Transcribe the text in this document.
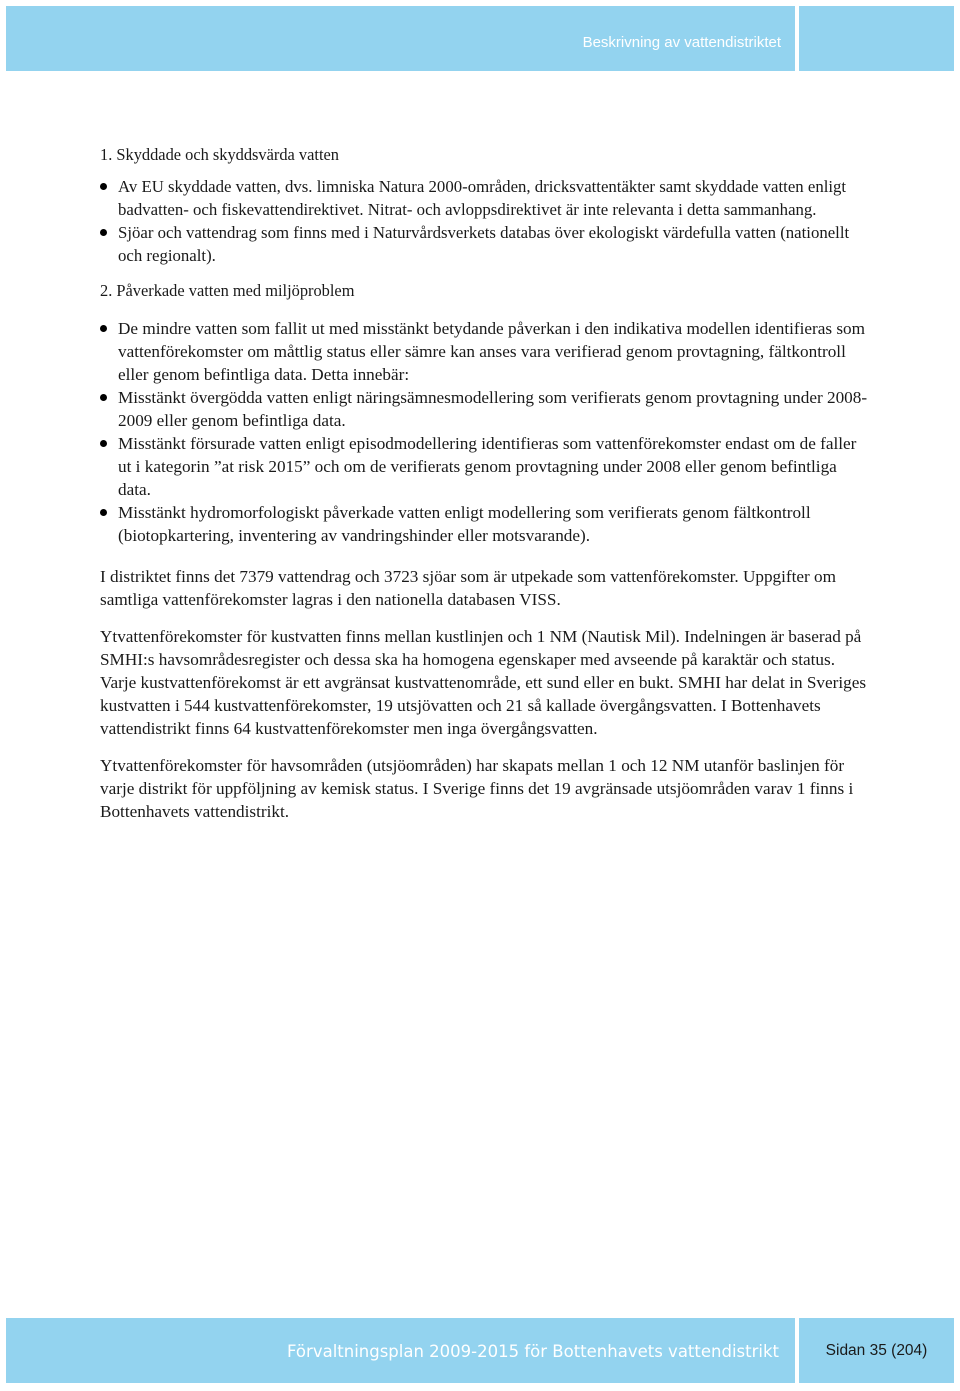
Beskrivning av vattendistriktet

1. Skyddade och skyddsvärda vatten

Av EU skyddade vatten, dvs. limniska Natura 2000-områden, dricksvattentäkter samt skyddade vatten enligt badvatten- och fiskevattendirektivet. Nitrat- och avloppsdirektivet är inte relevanta i detta sammanhang.
Sjöar och vattendrag som finns med i Naturvårdsverkets databas över ekologiskt värdefulla vatten (nationellt och regionalt).

2. Påverkade vatten med miljöproblem

De mindre vatten som fallit ut med misstänkt betydande påverkan i den indikativa modellen identifieras som vattenförekomster om måttlig status eller sämre kan anses vara verifierad genom provtagning, fältkontroll eller genom befintliga data. Detta innebär:
Misstänkt övergödda vatten enligt näringsämnesmodellering som verifierats genom provtagning under 2008-2009 eller genom befintliga data.
Misstänkt försurade vatten enligt episodmodellering identifieras som vattenförekomster endast om de faller ut i kategorin ”at risk 2015” och om de verifierats genom provtagning under 2008 eller genom befintliga data.
Misstänkt hydromorfologiskt påverkade vatten enligt modellering som verifierats genom fältkontroll (biotopkartering, inventering av vandringshinder eller motsvarande).

I distriktet finns det 7379 vattendrag och 3723 sjöar som är utpekade som vattenförekomster. Uppgifter om samtliga vattenförekomster lagras i den nationella databasen VISS.

Ytvattenförekomster för kustvatten finns mellan kustlinjen och 1 NM (Nautisk Mil). Indelningen är baserad på SMHI:s havsområdesregister och dessa ska ha homogena egenskaper med avseende på karaktär och status. Varje kustvattenförekomst är ett avgränsat kustvattenområde, ett sund eller en bukt. SMHI har delat in Sveriges kustvatten i 544 kustvattenförekomster, 19 utsjövatten och 21 så kallade övergångsvatten. I Bottenhavets vattendistrikt finns 64 kustvattenförekomster men inga övergångsvatten.

Ytvattenförekomster för havsområden (utsjöområden) har skapats mellan 1 och 12 NM utanför baslinjen för varje distrikt för uppföljning av kemisk status. I Sverige finns det 19 avgränsade utsjöområden varav 1 finns i Bottenhavets vattendistrikt.

Förvaltningsplan 2009-2015 för Bottenhavets vattendistrikt	Sidan 35 (204)
